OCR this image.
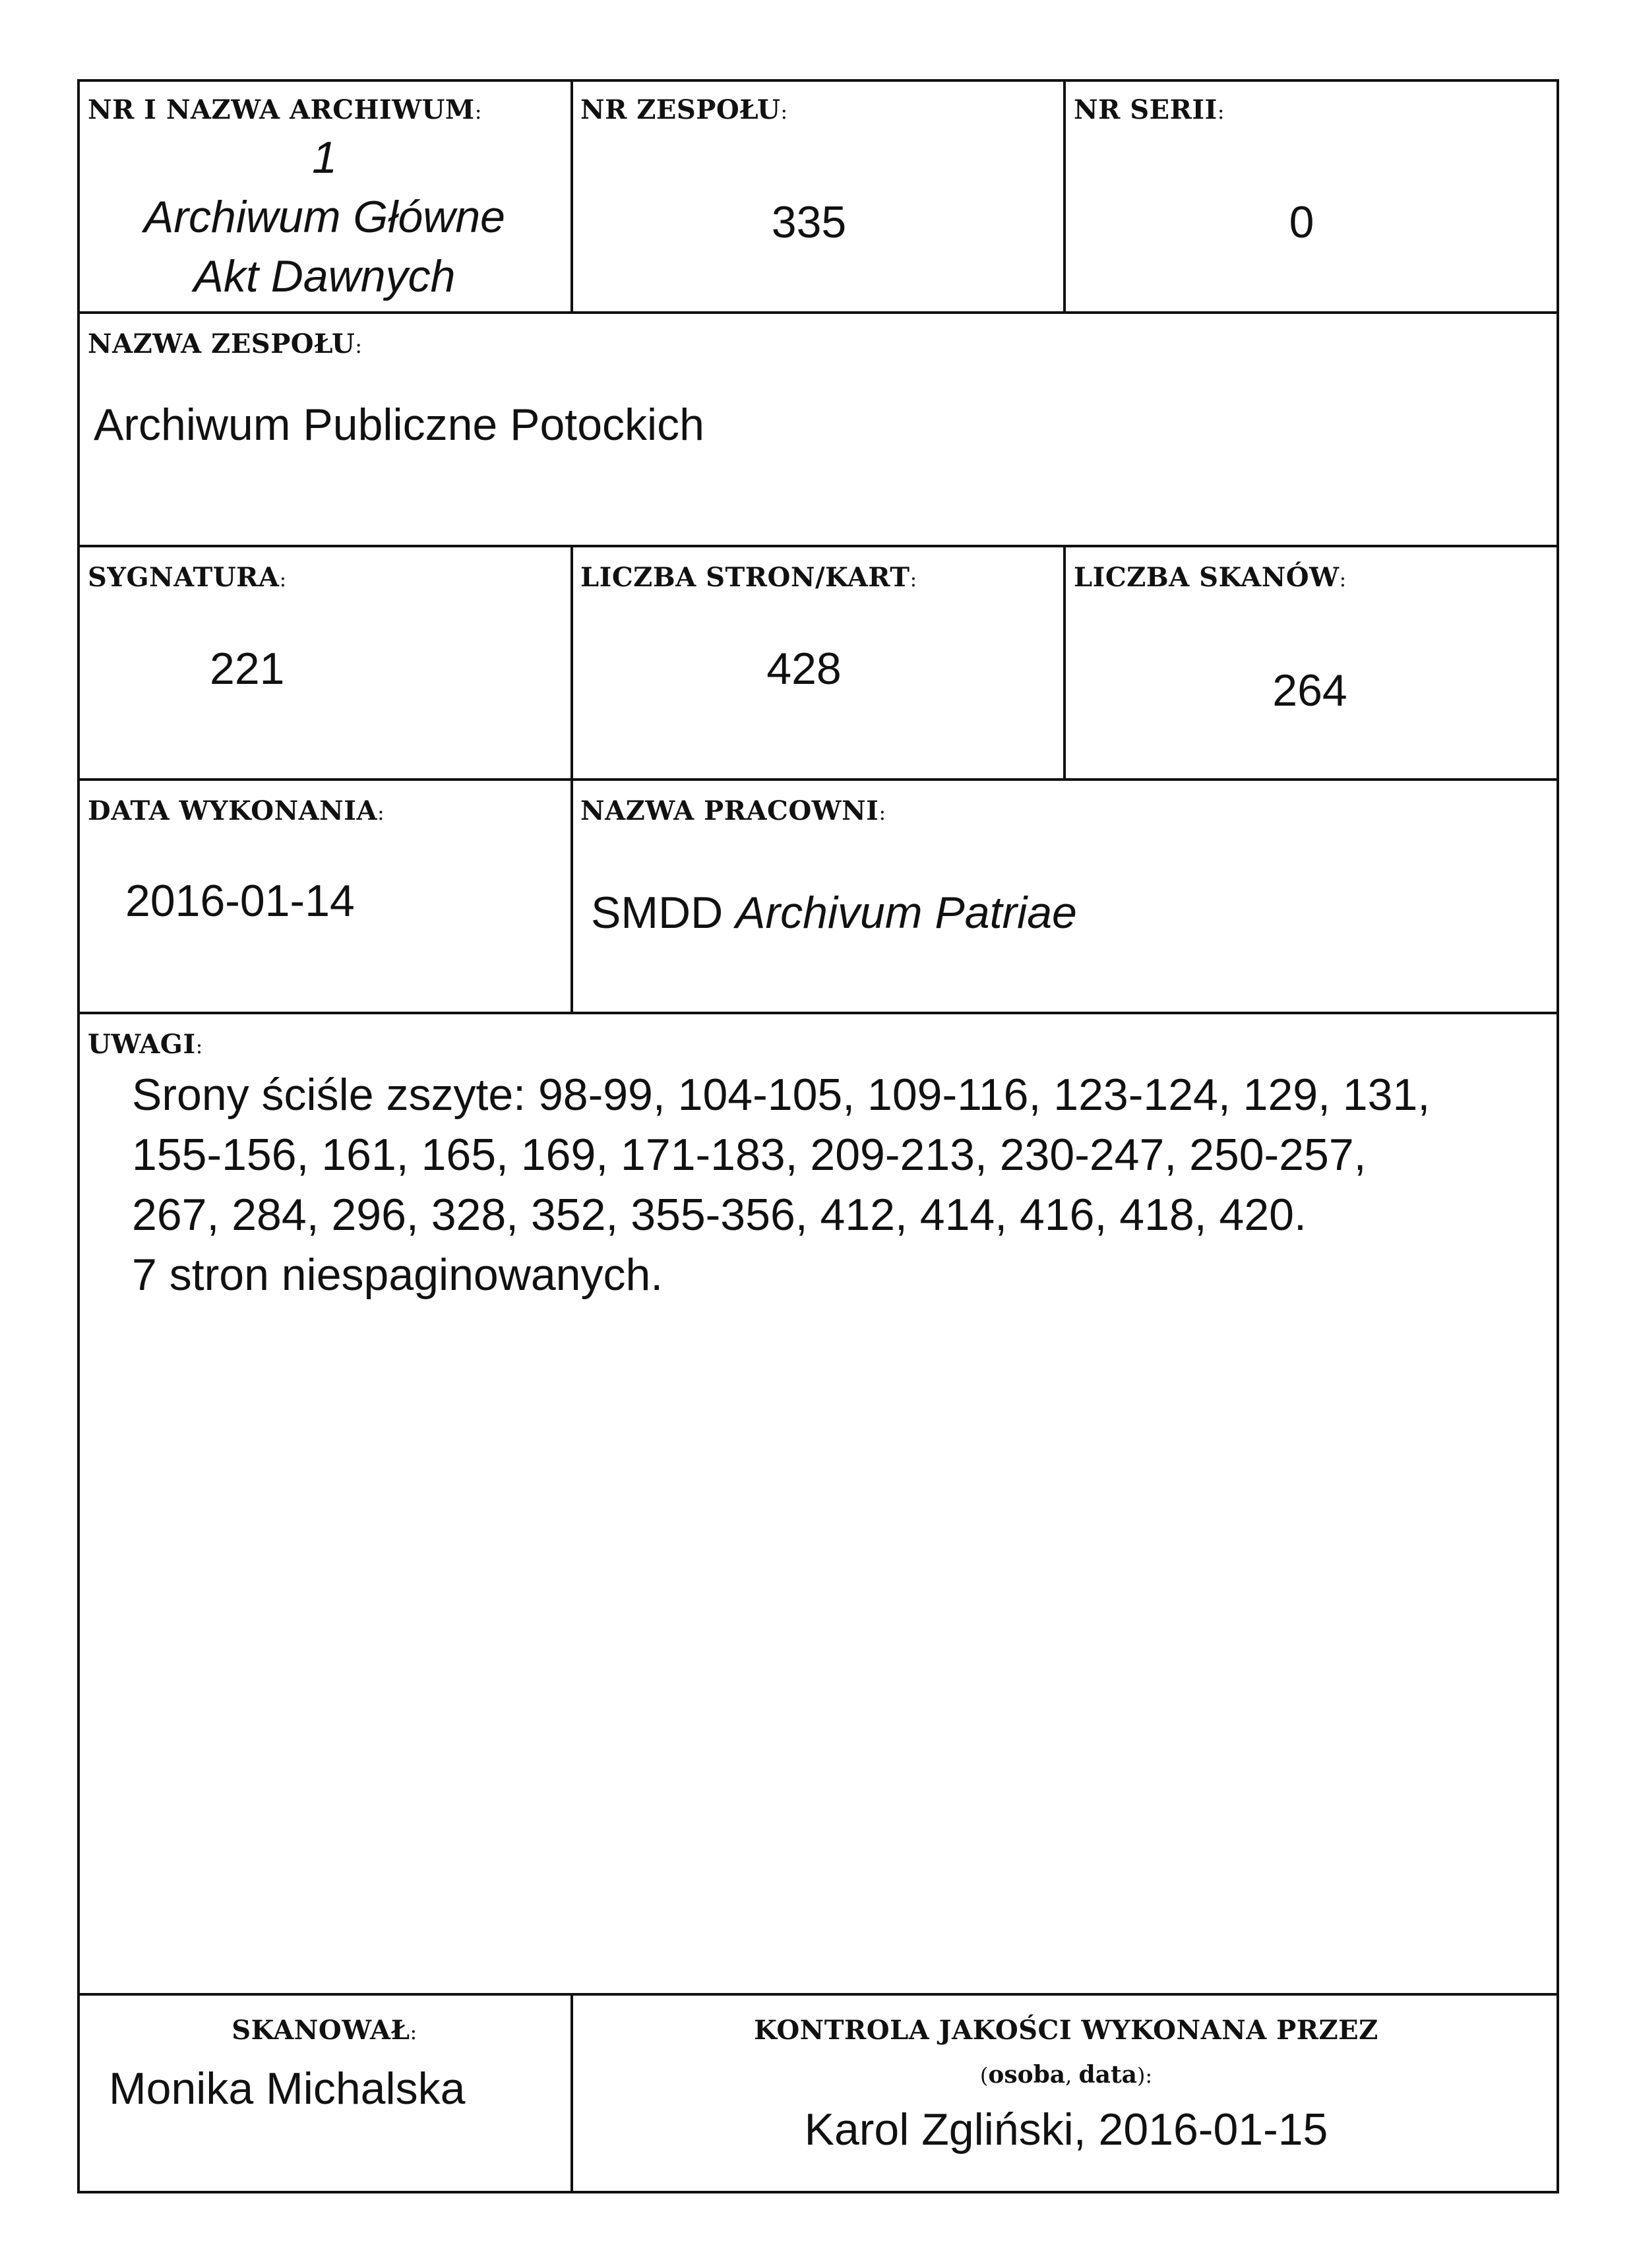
NR I NAZWA ARCHIWUM:
1
Archiwum Główne
Akt Dawnych
NR ZESPOŁU:
335
NR SERII:
0
NAZWA ZESPOŁU:
Archiwum Publiczne Potockich
SYGNATURA:
221
LICZBA STRON/KART:
428
LICZBA SKANÓW:
264
DATA WYKONANIA:
2016-01-14
NAZWA PRACOWNI:
SMDD Archivum Patriae
UWAGI:
Srony ściśle zszyte: 98-99, 104-105, 109-116, 123-124, 129, 131,
155-156, 161, 165, 169, 171-183, 209-213, 230-247, 250-257,
267, 284, 296, 328, 352, 355-356, 412, 414, 416, 418, 420.
7 stron niespaginowanych.
SKANOWAŁ:
Monika Michalska
KONTROLA JAKOŚCI WYKONANA PRZEZ
(osoba, data):
Karol Zgliński, 2016-01-15
